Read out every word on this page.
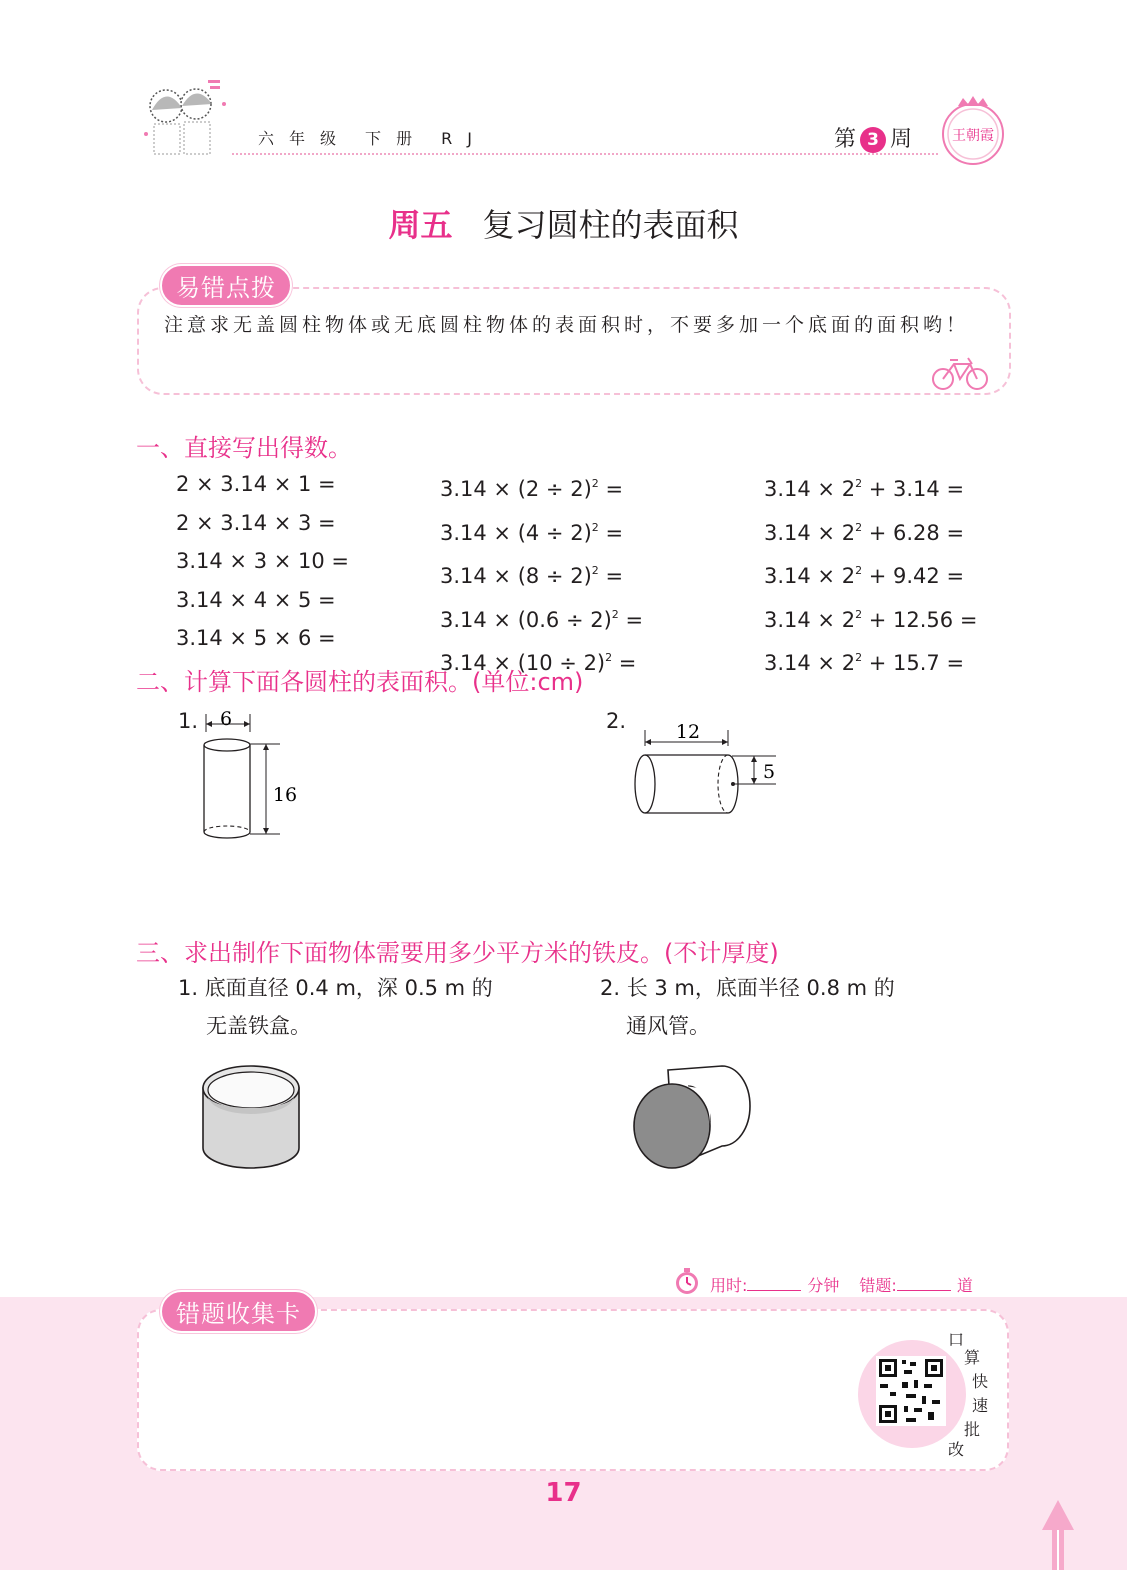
六 年 级 下 册 R J	第 3 周	王朝霞
周五 复习圆柱的表面积
易错点拨
注意求无盖圆柱物体或无底圆柱物体的表面积时，不要多加一个底面的面积哟！
一、直接写出得数。
2 × 3.14 × 1 =
2 × 3.14 × 3 =
3.14 × 3 × 10 =
3.14 × 4 × 5 =
3.14 × 5 × 6 =
$3.14 \times (2 \div 2)^2$ =
$3.14 \times (4 \div 2)^2$ =
$3.14 \times (8 \div 2)^2$ =
$3.14 \times (0.6 \div 2)^2$ =
$3.14 \times (10 \div 2)^2$ =
$3.14 \times 2^2 + 3.14$ =
$3.14 \times 2^2 + 6.28$ =
$3.14 \times 2^2 + 9.42$ =
$3.14 \times 2^2 + 12.56$ =
$3.14 \times 2^2 + 15.7$ =
二、计算下面各圆柱的表面积。(单位:cm)
1. 6
16
2.	12
5
三、求出制作下面物体需要用多少平方米的铁皮。(不计厚度)
1. 底面直径 0.4 m，深 0.5 m 的
无盖铁盒。
2. 长 3 m，底面半径 0.8 m 的
通风管。
用时:	分钟 错题:	道
错题收集卡
口
算
快
速
批
改
17
